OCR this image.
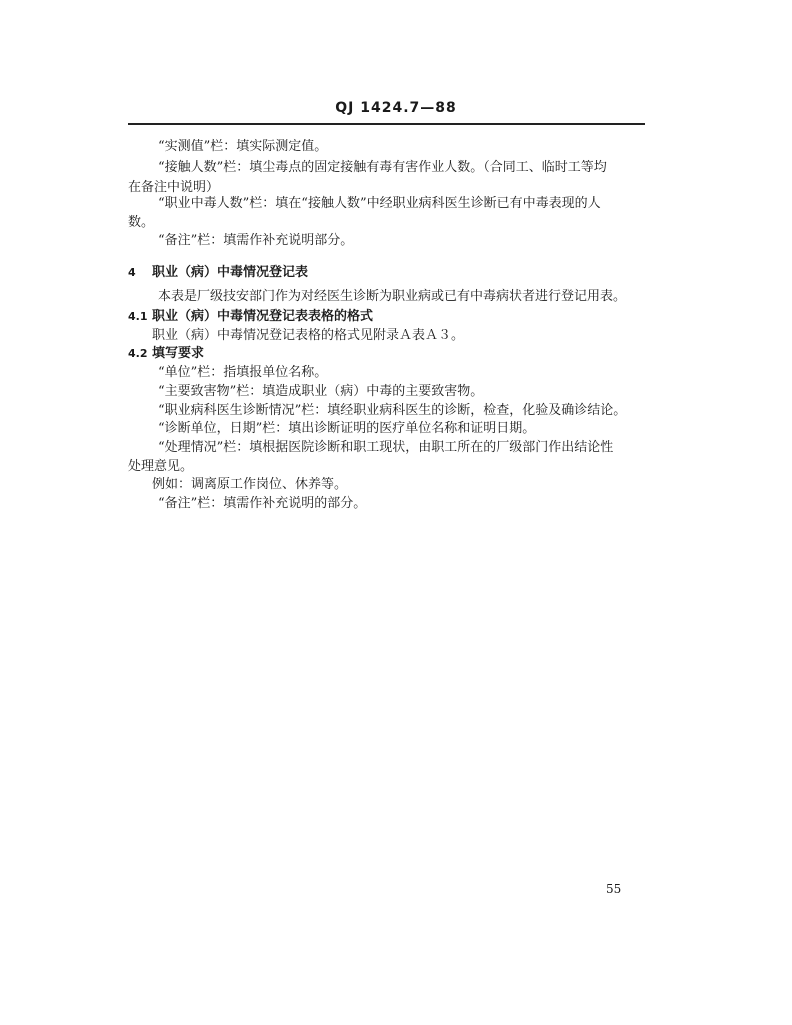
QJ 1424.7—88
“实测值”栏：填实际测定值。
“接触人数”栏：填尘毒点的固定接触有毒有害作业人数。（合同工、临时工等均
在备注中说明）
“职业中毒人数”栏：填在“接触人数”中经职业病科医生诊断已有中毒表现的人
数。
“备注”栏：填需作补充说明部分。
4 职业（病）中毒情况登记表
本表是厂级技安部门作为对经医生诊断为职业病或已有中毒病状者进行登记用表。
4.1 职业（病）中毒情况登记表表格的格式
职业（病）中毒情况登记表格的格式见附录Ａ表Ａ３。
4.2 填写要求
“单位”栏：指填报单位名称。
“主要致害物”栏：填造成职业（病）中毒的主要致害物。
“职业病科医生诊断情况”栏：填经职业病科医生的诊断，检查，化验及确诊结论。
“诊断单位，日期”栏：填出诊断证明的医疗单位名称和证明日期。
“处理情况”栏：填根据医院诊断和职工现状，由职工所在的厂级部门作出结论性
处理意见。
例如：调离原工作岗位、休养等。
“备注”栏：填需作补充说明的部分。
55
